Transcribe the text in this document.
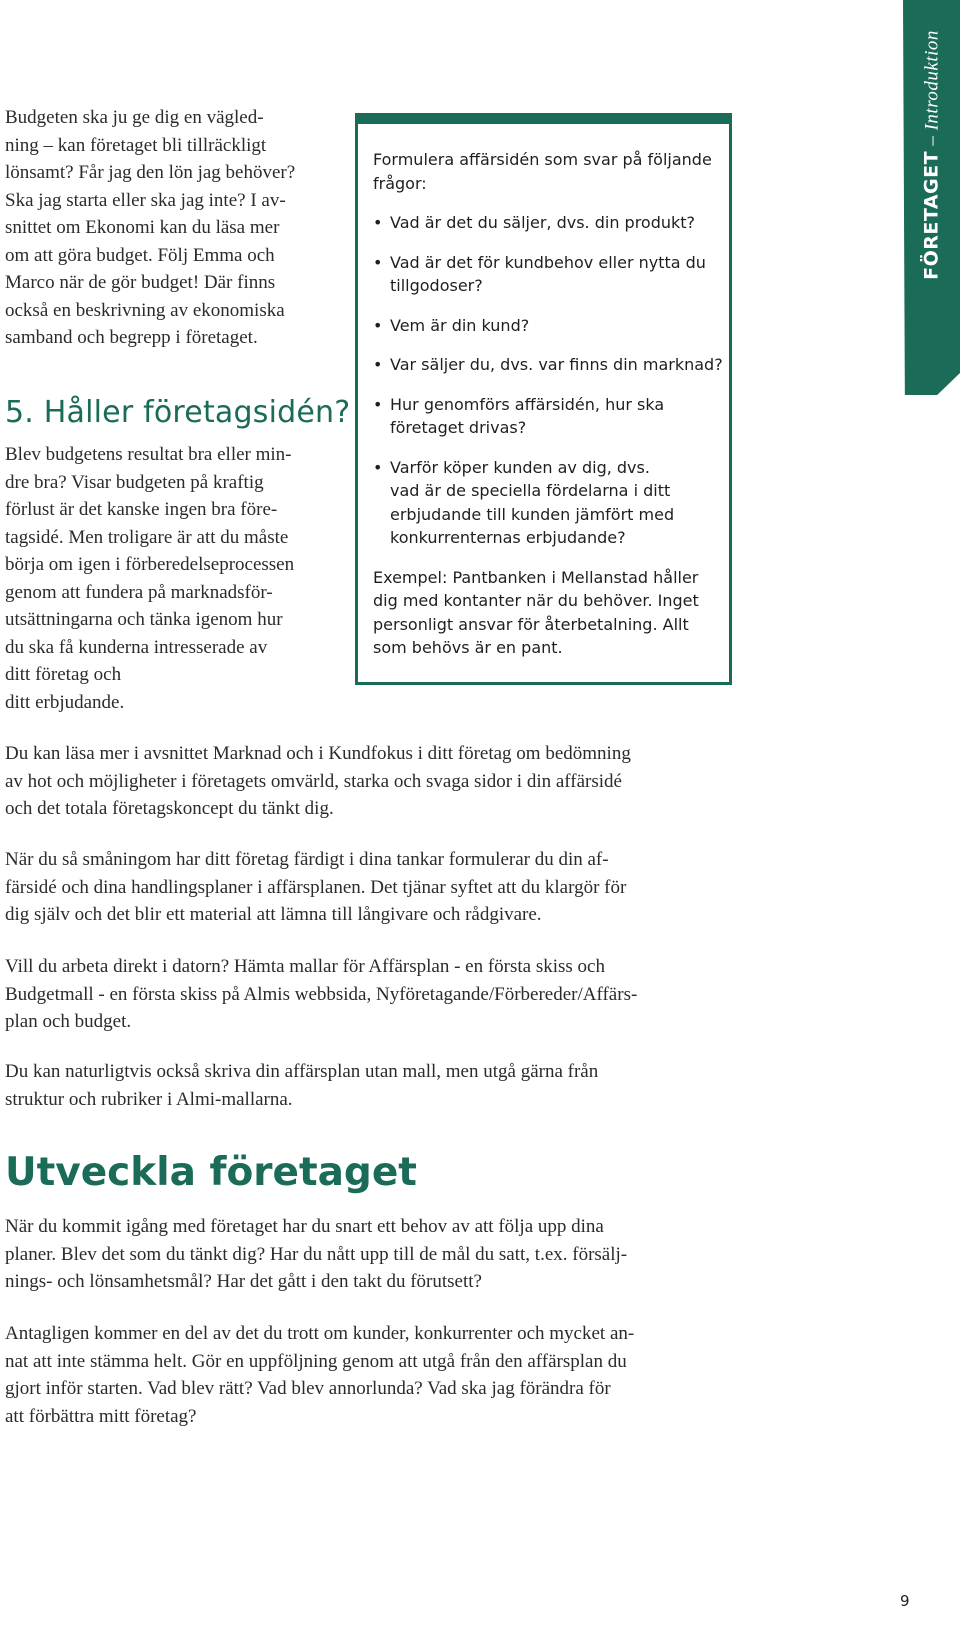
FÖRETAGET – Introduktion
Budgeten ska ju ge dig en vägled-
ning – kan företaget bli tillräckligt
lönsamt? Får jag den lön jag behöver?
Ska jag starta eller ska jag inte? I av-
snittet om Ekonomi kan du läsa mer
om att göra budget. Följ Emma och
Marco när de gör budget! Där finns
också en beskrivning av ekonomiska
samband och begrepp i företaget.
5. Håller företagsidén?
Blev budgetens resultat bra eller min-
dre bra? Visar budgeten på kraftig
förlust är det kanske ingen bra före-
tagsidé. Men troligare är att du måste
börja om igen i förberedelseprocessen
genom att fundera på marknadsför-
utsättningarna och tänka igenom hur
du ska få kunderna intresserade av
ditt företag och
ditt erbjudande.
Formulera affärsidén som svar på följande
frågor:
• Vad är det du säljer, dvs. din produkt?
• Vad är det för kundbehov eller nytta du
tillgodoser?
• Vem är din kund?
• Var säljer du, dvs. var finns din marknad?
• Hur genomförs affärsidén, hur ska
företaget drivas?
• Varför köper kunden av dig, dvs.
vad är de speciella fördelarna i ditt
erbjudande till kunden jämfört med
konkurrenternas erbjudande?
Exempel: Pantbanken i Mellanstad håller
dig med kontanter när du behöver. Inget
personligt ansvar för återbetalning. Allt
som behövs är en pant.
Du kan läsa mer i avsnittet Marknad och i Kundfokus i ditt företag om bedömning
av hot och möjligheter i företagets omvärld, starka och svaga sidor i din affärsidé
och det totala företagskoncept du tänkt dig.
När du så småningom har ditt företag färdigt i dina tankar formulerar du din af-
färsidé och dina handlingsplaner i affärsplanen. Det tjänar syftet att du klargör för
dig själv och det blir ett material att lämna till långivare och rådgivare.
Vill du arbeta direkt i datorn? Hämta mallar för Affärsplan - en första skiss och
Budgetmall - en första skiss på Almis webbsida, Nyföretagande/Förbereder/Affärs-
plan och budget.
Du kan naturligtvis också skriva din affärsplan utan mall, men utgå gärna från
struktur och rubriker i Almi-mallarna.
Utveckla företaget
När du kommit igång med företaget har du snart ett behov av att följa upp dina
planer. Blev det som du tänkt dig? Har du nått upp till de mål du satt, t.ex. försälj-
nings- och lönsamhetsmål? Har det gått i den takt du förutsett?
Antagligen kommer en del av det du trott om kunder, konkurrenter och mycket an-
nat att inte stämma helt. Gör en uppföljning genom att utgå från den affärsplan du
gjort inför starten. Vad blev rätt? Vad blev annorlunda? Vad ska jag förändra för
att förbättra mitt företag?
9
